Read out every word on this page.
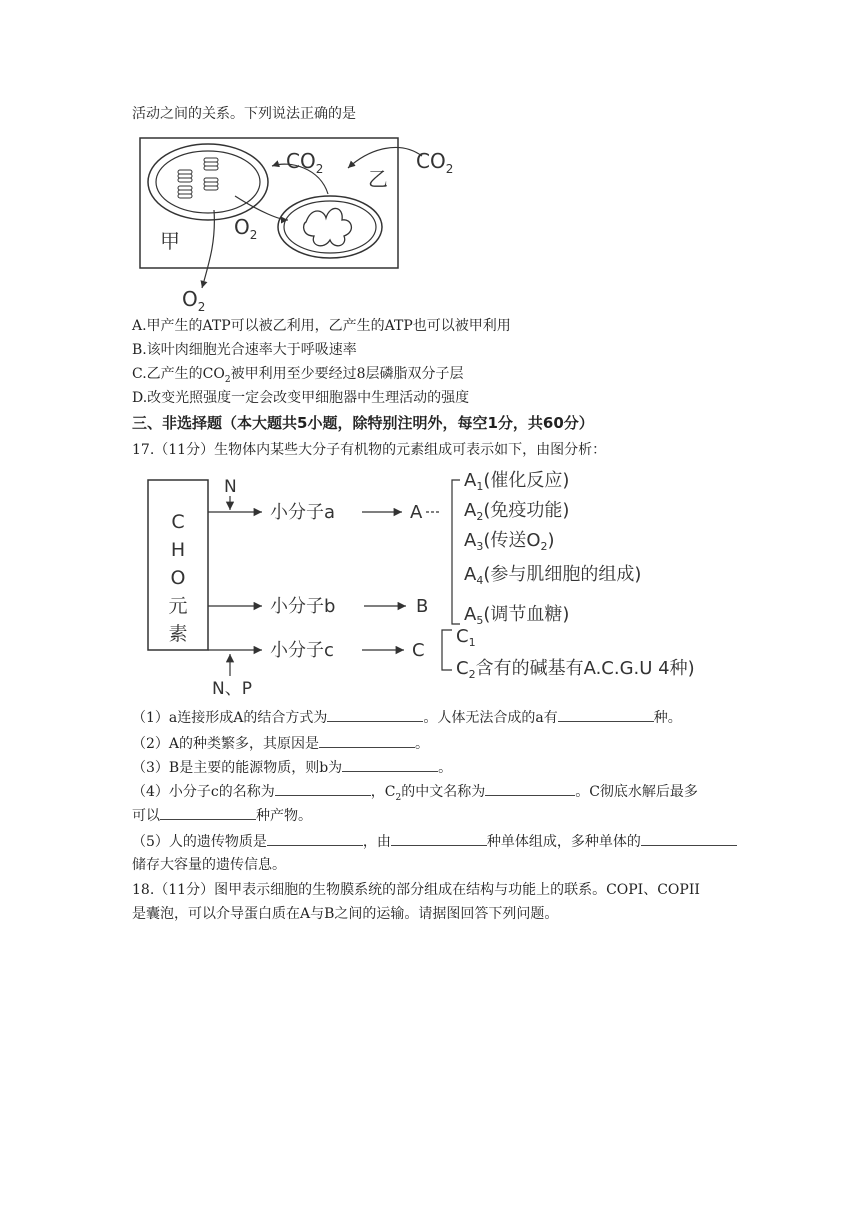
活动之间的关系。下列说法正确的是
$CO_2$ 乙
$CO_2$
甲
$O_2$
$O_2$
A.甲产生的ATP可以被乙利用，乙产生的ATP也可以被甲利用
B.该叶肉细胞光合速率大于呼吸速率
C.乙产生的$CO_2$被甲利用至少要经过8层磷脂双分子层
D.改变光照强度一定会改变甲细胞器中生理活动的强度
三、非选择题（本大题共5小题，除特别注明外，每空1分，共60分）
17.（11分）生物体内某些大分子有机物的元素组成可表示如下，由图分析：
C
H
O
元
素
N
小分子a	A
小分子b	B
小分子c	C
N、P
$A_1$(催化反应)
$A_2$(免疫功能)
$A_3$(传送$O_2$)
$A_4$(参与肌细胞的组成)
$A_5$(调节血糖)
$C_1$
$C_2$含有的碱基有A.C.G.U 4种)
（1）a连接形成A的结合方式为	。人体无法合成的a有	种。
（2）A的种类繁多，其原因是	。
（3）B是主要的能源物质，则b为	。
（4）小分子c的名称为	，$C_2$的中文名称为	。C彻底水解后最多
可以	种产物。
（5）人的遗传物质是	，由	种单体组成，多种单体的
储存大容量的遗传信息。
18.（11分）图甲表示细胞的生物膜系统的部分组成在结构与功能上的联系。COPI、COPII
是囊泡，可以介导蛋白质在A与B之间的运输。请据图回答下列问题。
